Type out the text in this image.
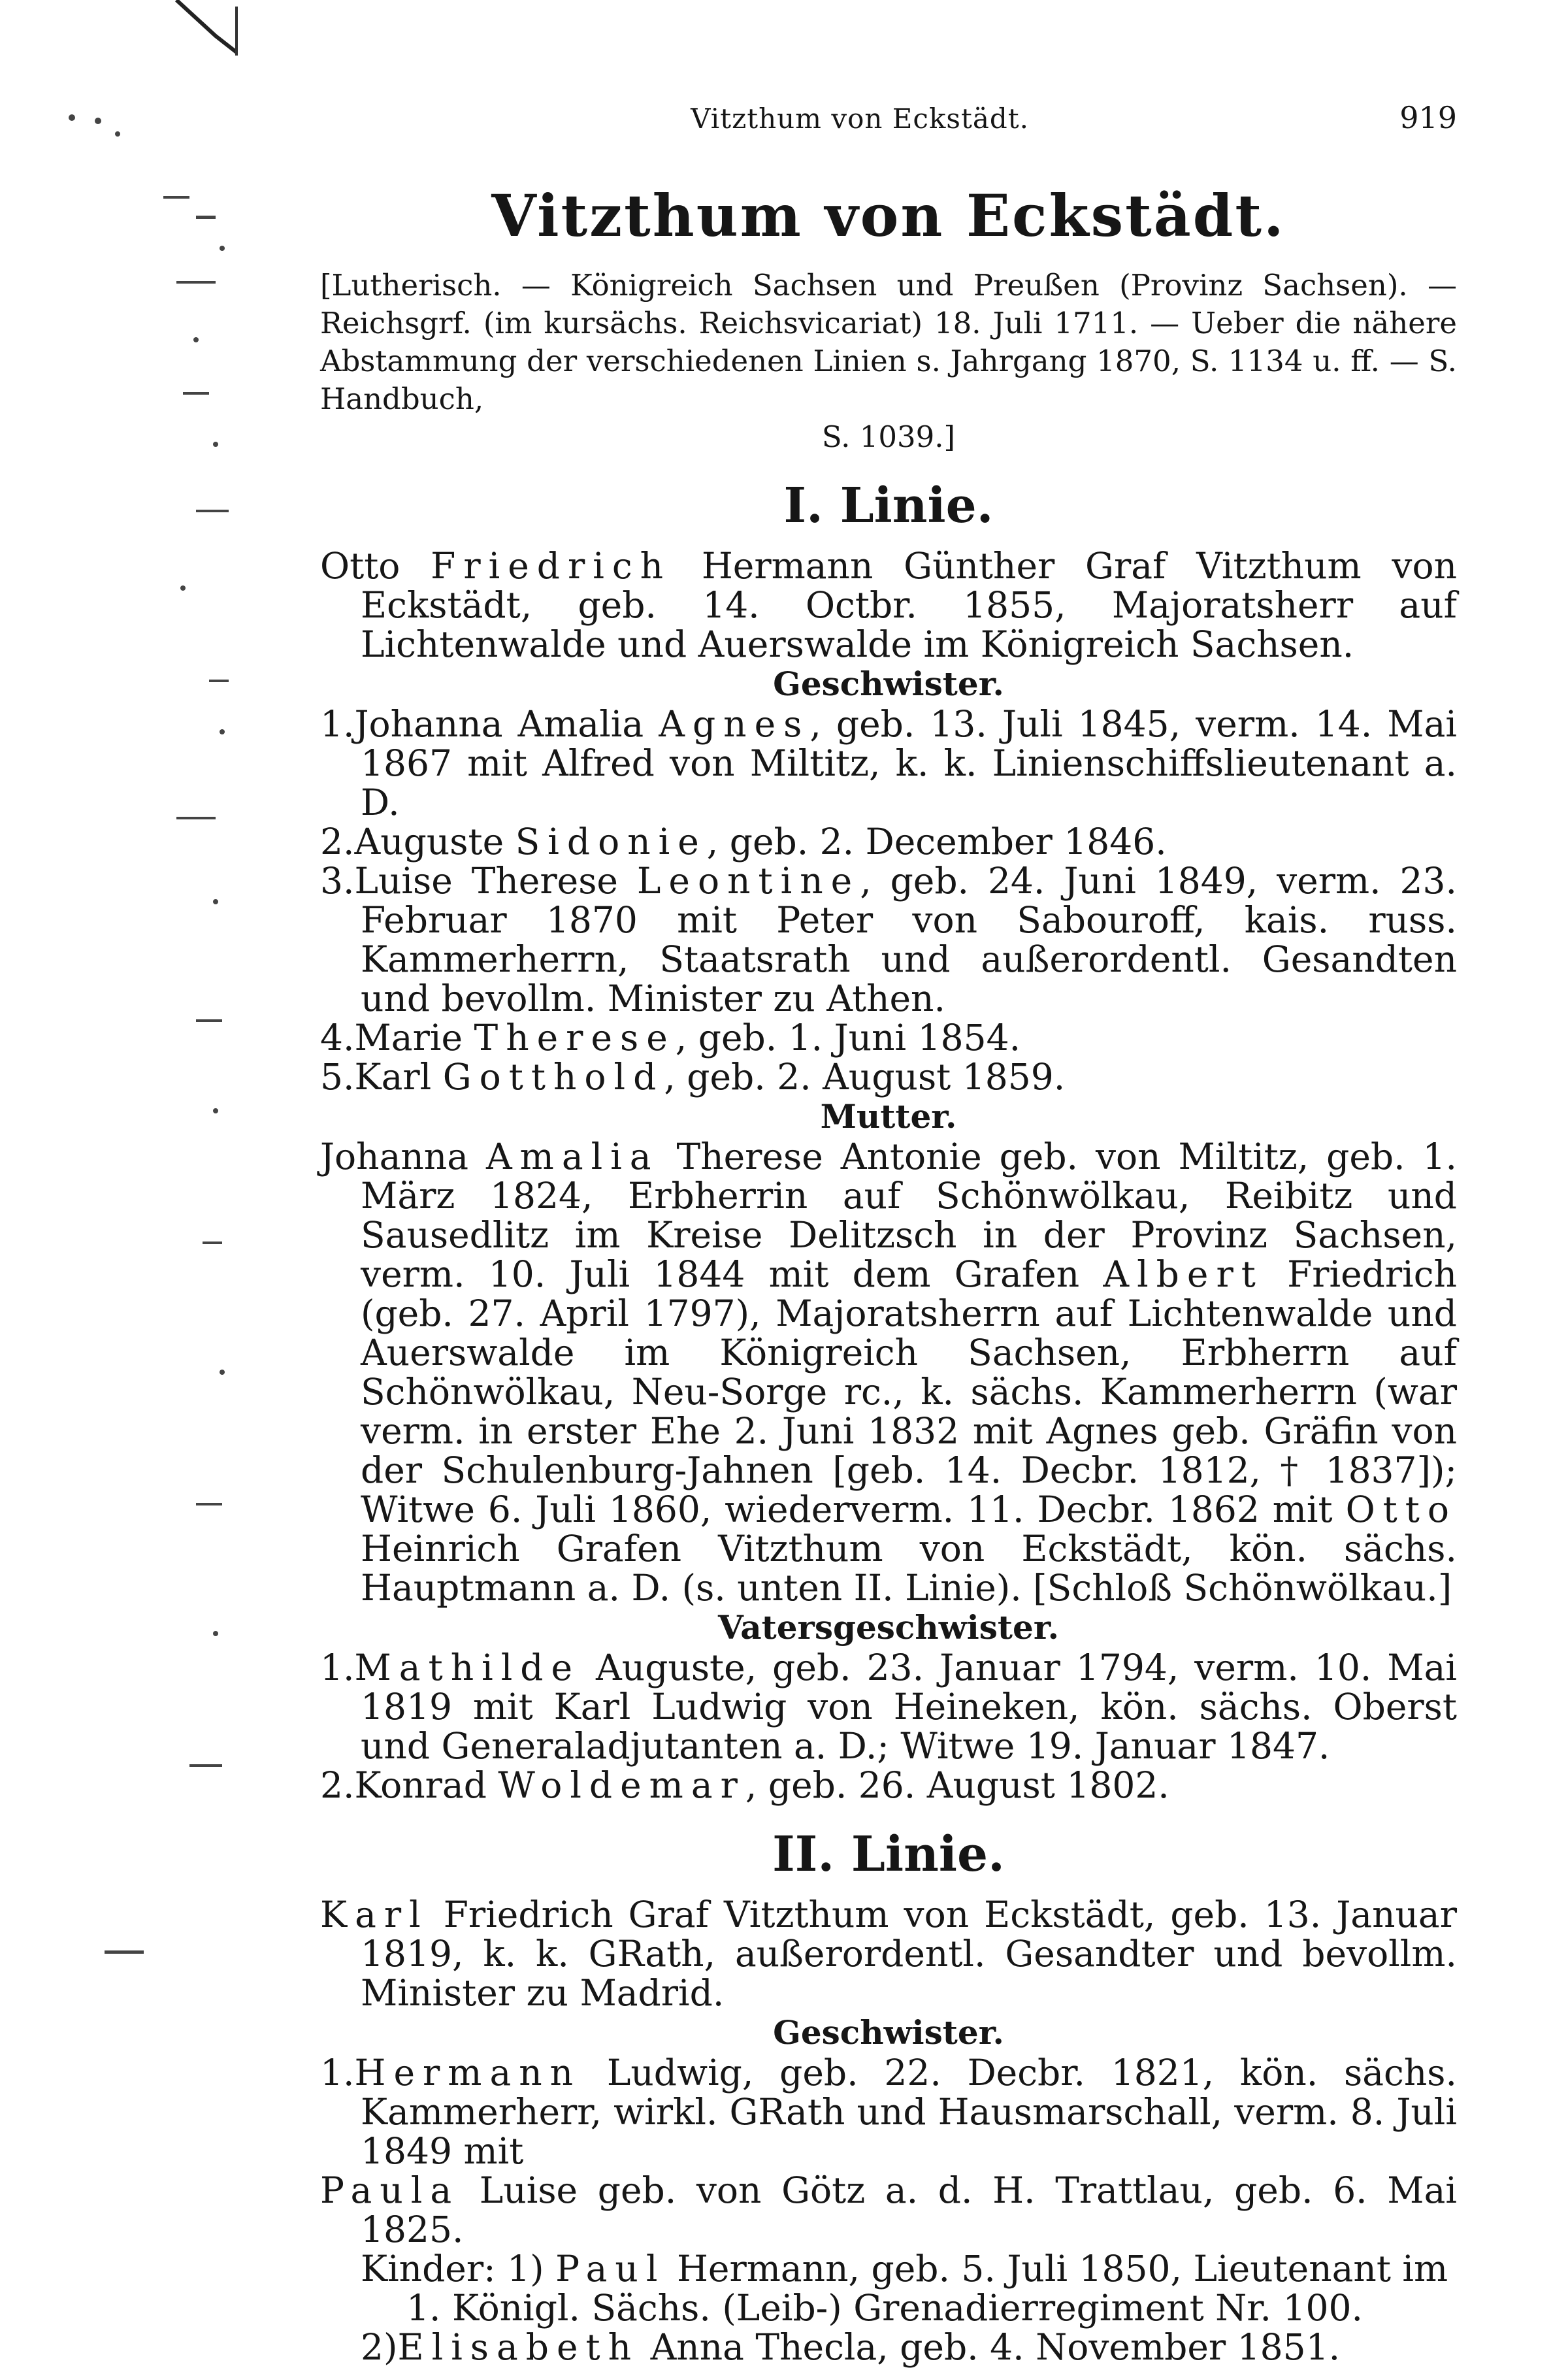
Vitzthum von Eckstädt.	919
Vitzthum von Eckstädt.

[Lutherisch. — Königreich Sachsen und Preußen (Provinz Sachsen). — Reichsgrf. (im kursächs. Reichsvicariat) 18. Juli 1711. — Ueber die nähere Abstammung der verschiedenen Linien s. Jahrgang 1870, S. 1134 u. ff. — S. Handbuch,
S. 1039.]

I. Linie.

Otto Friedrich Hermann Günther Graf Vitzthum von Eckstädt, geb. 14. Octbr. 1855, Majoratsherr auf Lichtenwalde und Auerswalde im Königreich Sachsen.

Geschwister.

1.Johanna Amalia Agnes, geb. 13. Juli 1845, verm. 14. Mai 1867 mit Alfred von Miltitz, k. k. Linienschiffslieutenant a. D.

2.Auguste Sidonie, geb. 2. December 1846.

3.Luise Therese Leontine, geb. 24. Juni 1849, verm. 23. Februar 1870 mit Peter von Sabouroff, kais. russ. Kammerherrn, Staatsrath und außerordentl. Gesandten und bevollm. Minister zu Athen.

4.Marie Therese, geb. 1. Juni 1854.

5.Karl Gotthold, geb. 2. August 1859.

Mutter.

Johanna Amalia Therese Antonie geb. von Miltitz, geb. 1. März 1824, Erbherrin auf Schönwölkau, Reibitz und Sausedlitz im Kreise Delitzsch in der Provinz Sachsen, verm. 10. Juli 1844 mit dem Grafen Albert Friedrich (geb. 27. April 1797), Majoratsherrn auf Lichtenwalde und Auerswalde im Königreich Sachsen, Erbherrn auf Schönwölkau, Neu-Sorge rc., k. sächs. Kammerherrn (war verm. in erster Ehe 2. Juni 1832 mit Agnes geb. Gräfin von der Schulenburg-Jahnen [geb. 14. Decbr. 1812, † 1837]); Witwe 6. Juli 1860, wiederverm. 11. Decbr. 1862 mit Otto Heinrich Grafen Vitzthum von Eckstädt, kön. sächs. Hauptmann a. D. (s. unten II. Linie). [Schloß Schönwölkau.]

Vatersgeschwister.

1.Mathilde Auguste, geb. 23. Januar 1794, verm. 10. Mai 1819 mit Karl Ludwig von Heineken, kön. sächs. Oberst und Generaladjutanten a. D.; Witwe 19. Januar 1847.

2.Konrad Woldemar, geb. 26. August 1802.

II. Linie.

Karl Friedrich Graf Vitzthum von Eckstädt, geb. 13. Januar 1819, k. k. GRath, außerordentl. Gesandter und bevollm. Minister zu Madrid.

Geschwister.

1.Hermann Ludwig, geb. 22. Decbr. 1821, kön. sächs. Kammerherr, wirkl. GRath und Hausmarschall, verm. 8. Juli 1849 mit

Paula Luise geb. von Götz a. d. H. Trattlau, geb. 6. Mai 1825.

Kinder: 1) Paul Hermann, geb. 5. Juli 1850, Lieutenant im 1. Königl. Sächs. (Leib-) Grenadierregiment Nr. 100.

2)Elisabeth Anna Thecla, geb. 4. November 1851.
